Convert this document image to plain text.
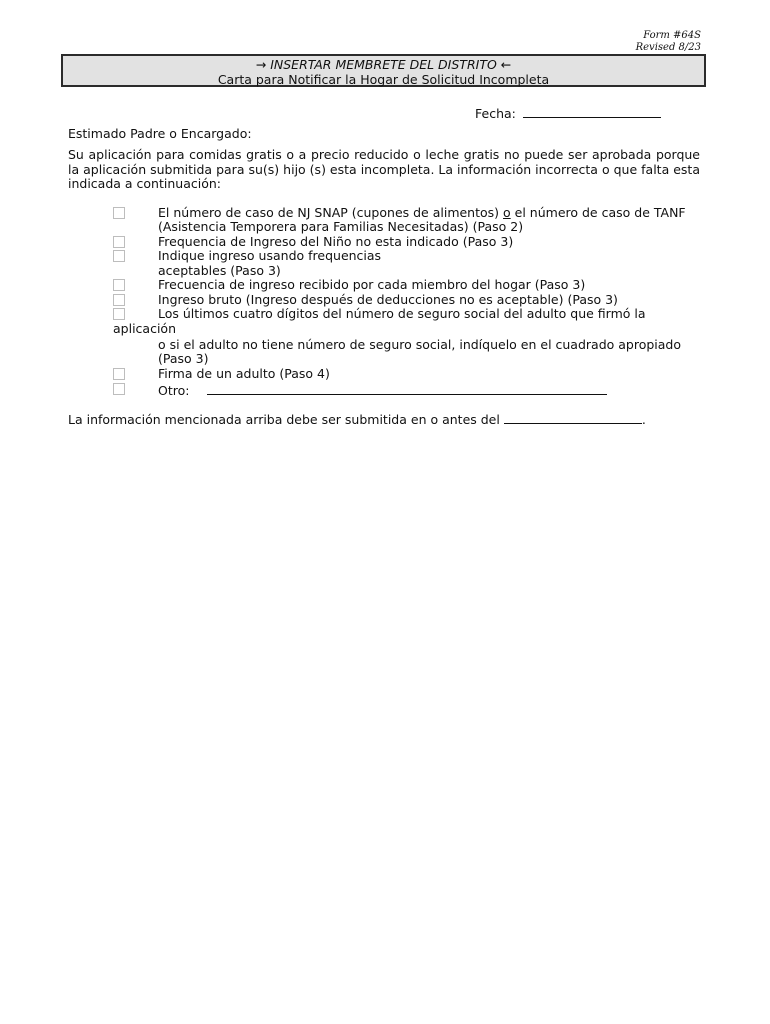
Form #64S
Revised 8/23
→ INSERTAR MEMBRETE DEL DISTRITO ←
Carta para Notificar la Hogar de Solicitud Incompleta
Fecha:
Estimado Padre o Encargado:
Su aplicación para comidas gratis o a precio reducido o leche gratis no puede ser aprobada porque la aplicación submitida para su(s) hijo (s) esta incompleta. La información incorrecta o que falta esta indicada a continuación:
El número de caso de NJ SNAP (cupones de alimentos) o el número de caso de TANF
(Asistencia Temporera para Familias Necesitadas) (Paso 2)
Frequencia de Ingreso del Niño no esta indicado (Paso 3)
Indique ingreso usando frequencias
aceptables (Paso 3)
Frecuencia de ingreso recibido por cada miembro del hogar (Paso 3)
Ingreso bruto (Ingreso después de deducciones no es aceptable) (Paso 3)
Los últimos cuatro dígitos del número de seguro social del adulto que firmó la
aplicación
o si el adulto no tiene número de seguro social, indíquelo en el cuadrado apropiado
(Paso 3)
Firma de un adulto (Paso 4)
Otro:
La información mencionada arriba debe ser submitida en o antes del	.
